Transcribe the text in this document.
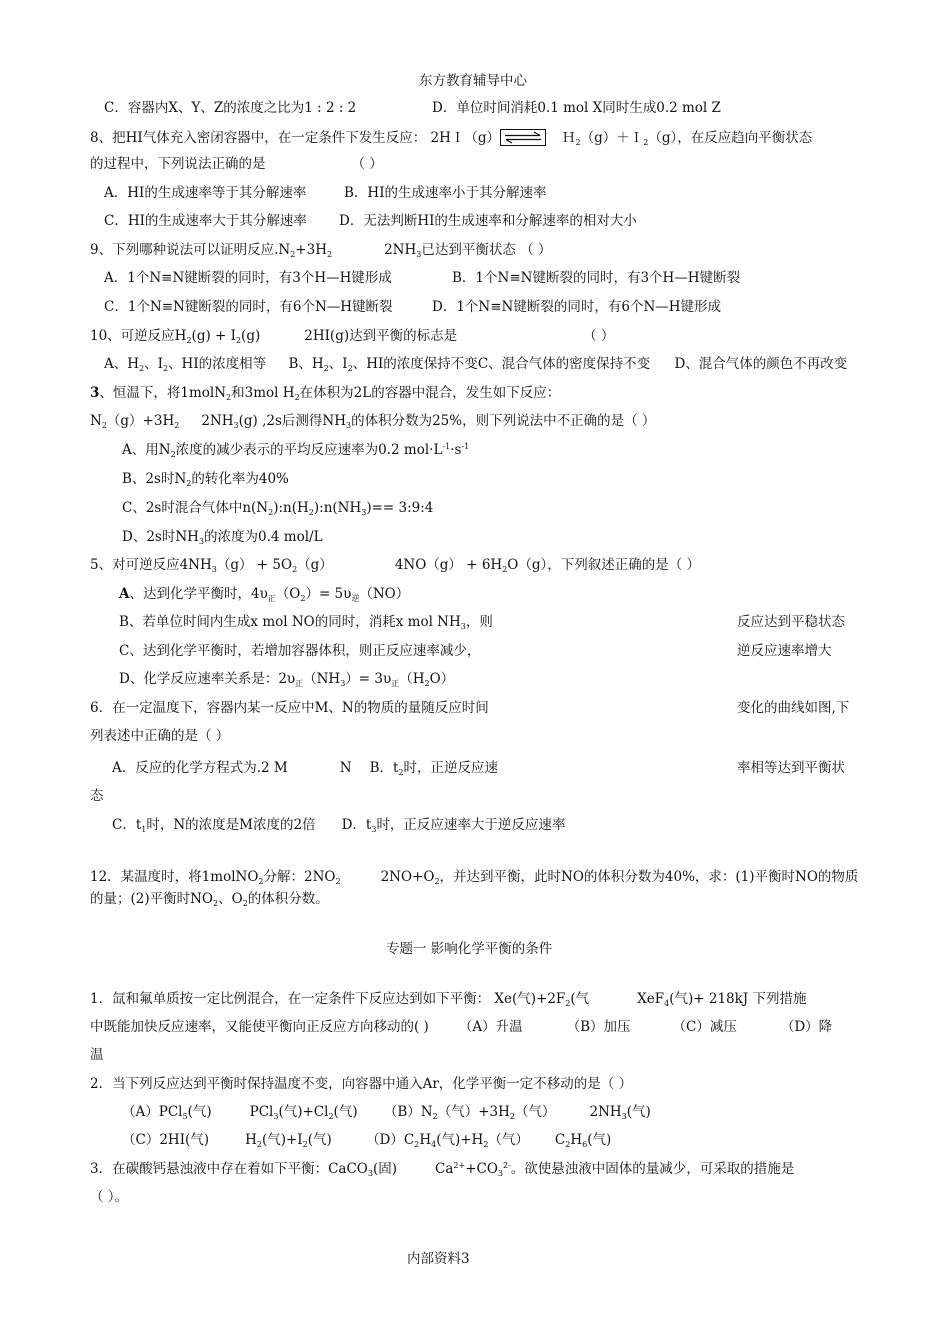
东方教育辅导中心
C．容器内X、Y、Z的浓度之比为1 : 2 : 2	D．单位时间消耗0.1 mol X同时生成0.2 mol Z
8、把HI气体充入密闭容器中，在一定条件下发生反应： 2HＩ（g）	Ｈ$_2$（g）＋Ｉ$_2$（g），在反应趋向平衡状态
的过程中，下列说法正确的是	（ ）
A．HI的生成速率等于其分解速率	B．HI的生成速率小于其分解速率
C．HI的生成速率大于其分解速率 D．无法判断HI的生成速率和分解速率的相对大小
9、下列哪种说法可以证明反应$.N_2+3H_2$	$2NH_3$已达到平衡状态 （ ）
A．1个N≡N键断裂的同时，有3个H—H键形成	B．1个N≡N键断裂的同时，有3个H—H键断裂
C．1个N≡N键断裂的同时，有6个N—H键断裂	D．1个N≡N键断裂的同时，有6个N—H键形成
10、可逆反应$H_2(g) + I_2(g)$	2HI(g)达到平衡的标志是	（ ）
A、$H_2$、$I_2$、HI的浓度相等 B、$H_2$、$I_2$、HI的浓度保持不变C、混合气体的密度保持不变 D、混合气体的颜色不再改变
3、恒温下，将1molN$_2$和3mol $H_2$在体积为2L的容器中混合，发生如下反应：
$N_2(g)+3H_2$ $2NH_3(g)$ ,2s后测得$NH_3$的体积分数为25%，则下列说法中不正确的是（ ）
A、用$N_2$浓度的减少表示的平均反应速率为0.2 $mol\cdot L^{-1}\cdot s^{-1}$
B、2s时$N_2$的转化率为40%
C、2s时混合气体中$n(N_2):n(H_2):n(NH_3)==$ 3:9:4
D、2s时$NH_3$的浓度为0.4 mol/L
5、对可逆反应$4NH_3(g) + 5O_2(g)$	$4NO(g) + 6H_2O(g)$，下列叙述正确的是（ ）
A、达到化学平衡时，$4\upsilon_正(O_2)= 5\upsilon_逆(NO)$
B、若单位时间内生成x mol NO的同时，消耗x mol $NH_3$，则	反应达到平稳状态
C、达到化学平衡时，若增加容器体积，则正反应速率减少，	逆反应速率增大
D、化学反应速率关系是：$2\upsilon_正(NH_3)= 3\upsilon_正(H_2O)$
6．在一定温度下，容器内某一反应中M、N的物质的量随反应时间	变化的曲线如图,下
列表述中正确的是（ ）
A．反应的化学方程式为.2 M	N B．$t_2$时，正逆反应速	率相等达到平衡状
态
C．$t_1$时，N的浓度是M浓度的2倍 D．$t_3$时，正反应速率大于逆反应速率
12．某温度时，将1molNO$_2$分解：$2NO_2$	$2NO+O_2$，并达到平衡，此时NO的体积分数为40%，求：(1)平衡时NO的物质
的量；(2)平衡时$NO_2$、$O_2$的体积分数。
专题一 影响化学平衡的条件
1．氙和氟单质按一定比例混合，在一定条件下反应达到如下平衡： Xe(气)$+2F_2$(气	XeF$_4$(气)+ 218kJ 下列措施
中既能加快反应速率，又能使平衡向正反应方向移动的( ) （A）升温	（B）加压	（C）减压	（D）降
温
2．当下列反应达到平衡时保持温度不变，向容器中通入Ar，化学平衡一定不移动的是（ ）
（A）PCl$_5$(气)	PCl$_3$(气)$+Cl_2$(气) $(B)N_2$（气）$+3H_2$（气）	$2NH_3$(气)
（C）2HI(气)	$H_2$(气)$+I_2$(气)	$(D)C_2H_4$(气)$+H_2$（气） $C_2H_6$(气)
3．在碳酸钙悬浊液中存在着如下平衡：CaCO$_3$(固)	$Ca^{2+}+CO_3^{2-}$。欲使悬浊液中固体的量减少，可采取的措施是
（ ）。
内部资料3
